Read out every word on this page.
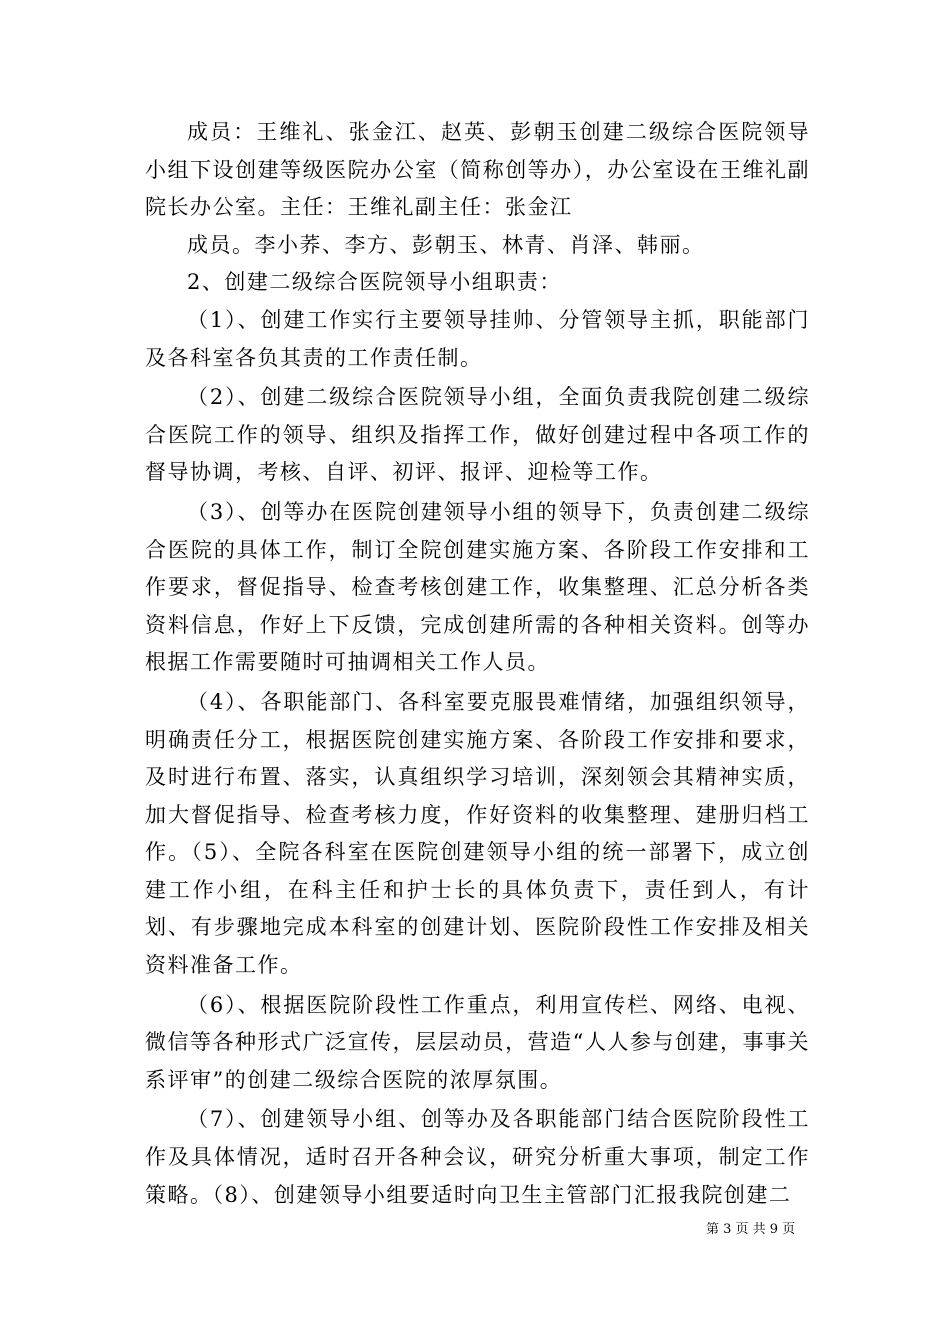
成员：王维礼、张金江、赵英、彭朝玉创建二级综合医院领导小组下设创建等级医院办公室（简称创等办），办公室设在王维礼副院长办公室。主任：王维礼副主任：张金江

成员。李小荞、李方、彭朝玉、林青、肖泽、韩丽。

2、创建二级综合医院领导小组职责：

（1）、创建工作实行主要领导挂帅、分管领导主抓，职能部门及各科室各负其责的工作责任制。

（2）、创建二级综合医院领导小组，全面负责我院创建二级综合医院工作的领导、组织及指挥工作，做好创建过程中各项工作的督导协调，考核、自评、初评、报评、迎检等工作。

（3）、创等办在医院创建领导小组的领导下，负责创建二级综合医院的具体工作，制订全院创建实施方案、各阶段工作安排和工作要求，督促指导、检查考核创建工作，收集整理、汇总分析各类资料信息，作好上下反馈，完成创建所需的各种相关资料。创等办根据工作需要随时可抽调相关工作人员。

（4）、各职能部门、各科室要克服畏难情绪，加强组织领导，明确责任分工，根据医院创建实施方案、各阶段工作安排和要求，及时进行布置、落实，认真组织学习培训，深刻领会其精神实质，加大督促指导、检查考核力度，作好资料的收集整理、建册归档工作。（5）、全院各科室在医院创建领导小组的统一部署下，成立创建工作小组，在科主任和护士长的具体负责下，责任到人，有计划、有步骤地完成本科室的创建计划、医院阶段性工作安排及相关资料准备工作。

（6）、根据医院阶段性工作重点，利用宣传栏、网络、电视、微信等各种形式广泛宣传，层层动员，营造“人人参与创建，事事关系评审”的创建二级综合医院的浓厚氛围。

（7）、创建领导小组、创等办及各职能部门结合医院阶段性工作及具体情况，适时召开各种会议，研究分析重大事项，制定工作策略。（8）、创建领导小组要适时向卫生主管部门汇报我院创建二

第 3 页 共 9 页
